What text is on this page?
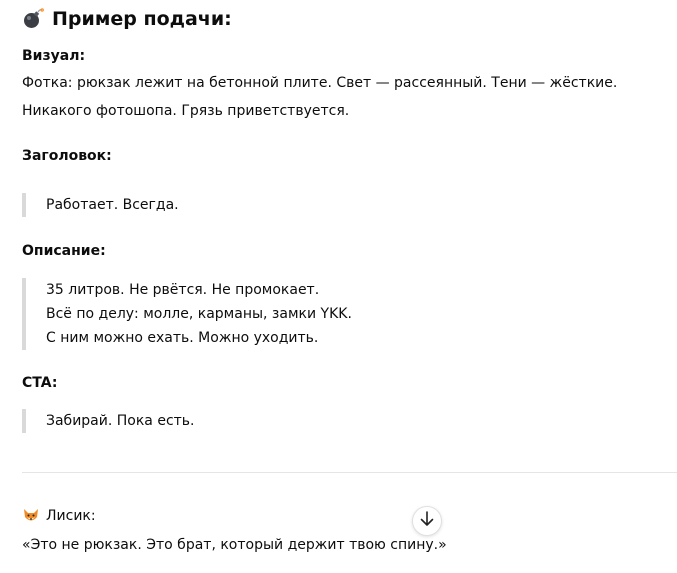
Пример подачи:
Визуал:
Фотка: рюкзак лежит на бетонной плите. Свет — рассеянный. Тени — жёсткие.
Никакого фотошопа. Грязь приветствуется.
Заголовок:
Работает. Всегда.
Описание:
35 литров. Не рвётся. Не промокает.
Всё по делу: молле, карманы, замки YKK.
С ним можно ехать. Можно уходить.
CTA:
Забирай. Пока есть.
Лисик:
«Это не рюкзак. Это брат, который держит твою спину.»
